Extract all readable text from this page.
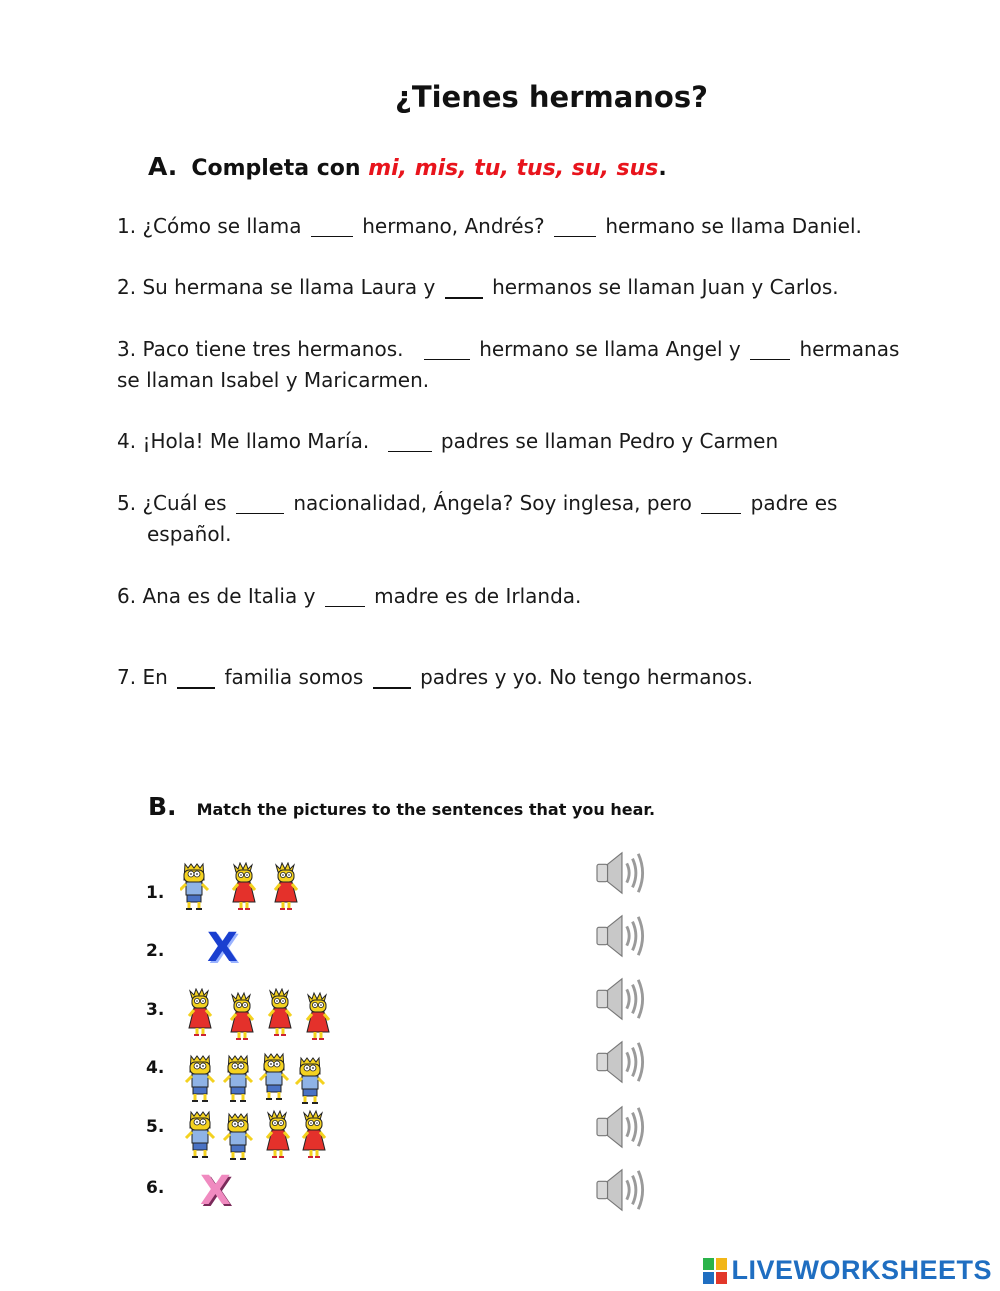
¿Tienes hermanos?
A. Completa con mi, mis, tu, tus, su, sus.
1. ¿Cómo se llama	hermano, Andrés?	hermano se llama Daniel.
2. Su hermana se llama Laura y	hermanos se llaman Juan y Carlos.
3. Paco tiene tres hermanos.	hermano se llama Angel y	hermanas
se llaman Isabel y Maricarmen.
4. ¡Hola! Me llamo María.	padres se llaman Pedro y Carmen
5. ¿Cuál es	nacionalidad, Ángela? Soy inglesa, pero	padre es
español.
6. Ana es de Italia y	madre es de Irlanda.
7. En	familia somos	padres y yo. No tengo hermanos.
B. Match the pictures to the sentences that you hear.
1.
2. X
3.
4.
5.
6. X
LIVEWORKSHEETS
